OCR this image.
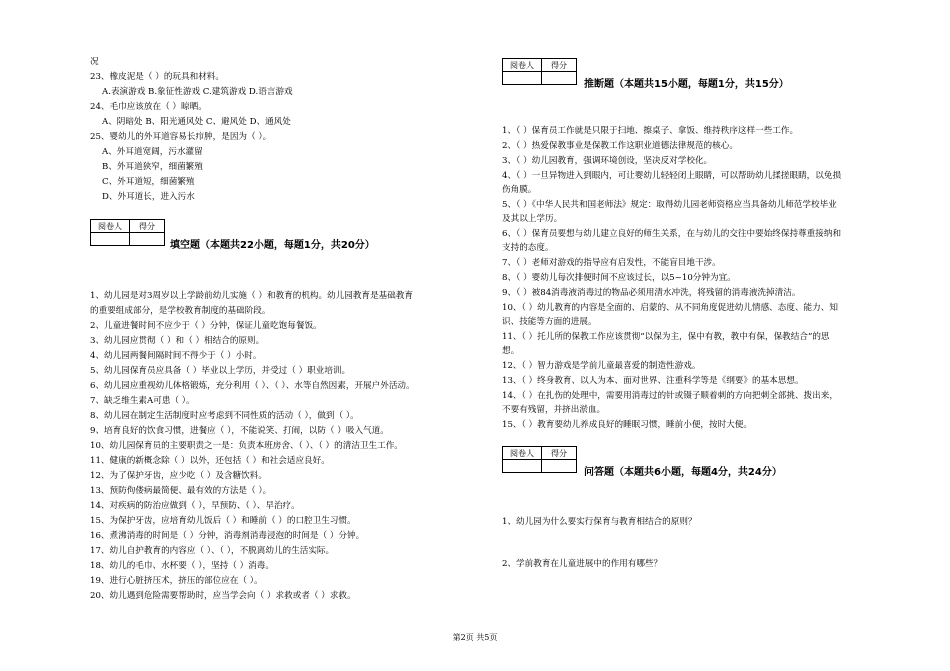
况
23、橡皮泥是（ ）的玩具和材料。
A.表演游戏 B.象征性游戏 C.建筑游戏 D.语言游戏
24、毛巾应该放在（ ）晾晒。
A、阴暗处 B、阳光通风处 C、避风处 D、通风处
25、婴幼儿的外耳道容易长疖肿，是因为（ ）。
A、外耳道宽阔，污水灌留
B、外耳道狭窄，细菌繁殖
C、外耳道短，细菌繁殖
D、外耳道长，进入污水
阅卷人	得分

填空题（本题共22小题，每题1分，共20分）
1、幼儿园是对3周岁以上学龄前幼儿实施（ ）和教育的机构。幼儿园教育是基础教育
的重要组成部分，是学校教育制度的基础阶段。
2、儿童进餐时间不应少于（ ）分钟，保证儿童吃饱每餐饭。
3、幼儿园应贯彻（ ）和（ ）相结合的原则。
4、幼儿园两餐间隔时间不得少于（ ）小时。
5、幼儿园保育员应具备（ ）毕业以上学历，并受过（ ）职业培训。
6、幼儿园应重视幼儿体格锻炼，充分利用（ ）、（ ）、水等自然因素，开展户外活动。
7、缺乏维生素A可患（ ）。
8、幼儿园在制定生活制度时应考虑到不同性质的活动（ ），做到（ ）。
9、培育良好的饮食习惯，进餐应（ ），不能说笑、打闹，以防（ ）吸入气道。
10、幼儿园保育员的主要职责之一是：负责本班房舍、（ ）、（ ）的清洁卫生工作。
11、健康的新概念除（ ）以外，还包括（ ）和社会适应良好。
12、为了保护牙齿，应少吃（ ）及含糖饮料。
13、预防佝偻病最简便、最有效的方法是（ ）。
14、对疾病的防治应做到（ ），早预防、（ ）、早治疗。
15、为保护牙齿，应培育幼儿饭后（ ）和睡前（ ）的口腔卫生习惯。
16、煮沸消毒的时间是（ ）分钟，消毒剂消毒浸泡的时间是（ ）分钟。
17、幼儿自护教育的内容应（ ）、（ ），不脱离幼儿的生活实际。
18、幼儿的毛巾、水杯要（ ），坚持（ ）消毒。
19、进行心脏挤压术，挤压的部位应在（ ）。
20、幼儿遇到危险需要帮助时，应当学会向（ ）求救或者（ ）求救。
阅卷人	得分

推断题（本题共15小题，每题1分，共15分）
1、（ ）保育员工作就是只限于扫地、擦桌子、拿饭、维持秩序这样一些工作。
2、（ ）热爱保教事业是保教工作这职业道德法律规范的核心。
3、（ ）幼儿园教育，强调环境创设，坚决反对学校化。
4、（ ）一旦异物进入到眼内，可让婴幼儿轻轻闭上眼睛，可以帮助幼儿揉搓眼睛，以免损
伤角膜。
5、（ ）《中华人民共和国老师法》规定：取得幼儿园老师资格应当具备幼儿师范学校毕业
及其以上学历。
6、（ ）保育员要想与幼儿建立良好的师生关系，在与幼儿的交往中要始终保持尊重接纳和
支持的态度。
7、（ ）老师对游戏的指导应有启发性，不能盲目地干涉。
8、（ ）婴幼儿每次排便时间不应该过长，以5~10分钟为宜。
9、（ ）被84消毒液消毒过的物品必须用清水冲洗，将残留的消毒液洗掉清洁。
10、（ ）幼儿教育的内容是全面的、启蒙的、从不同角度促进幼儿情感、态度、能力、知
识、技能等方面的进展。
11、（ ）托儿所的保教工作应该贯彻“以保为主，保中有教，教中有保，保教结合”的思
想。
12、（ ）智力游戏是学前儿童最喜爱的制造性游戏。
13、（ ）终身教育、以人为本、面对世界、注重科学等是《纲要》的基本思想。
14、（ ）在扎伤的处理中，需要用消毒过的针或镊子顺着刺的方向把刺全部挑、拨出来，
不要有残留，并挤出淤血。
15、（ ）教育要幼儿养成良好的睡眠习惯，睡前小便，按时大便。
阅卷人	得分

问答题（本题共6小题，每题4分，共24分）
1、幼儿园为什么要实行保育与教育相结合的原则？
2、学前教育在儿童进展中的作用有哪些？
第2页 共5页
